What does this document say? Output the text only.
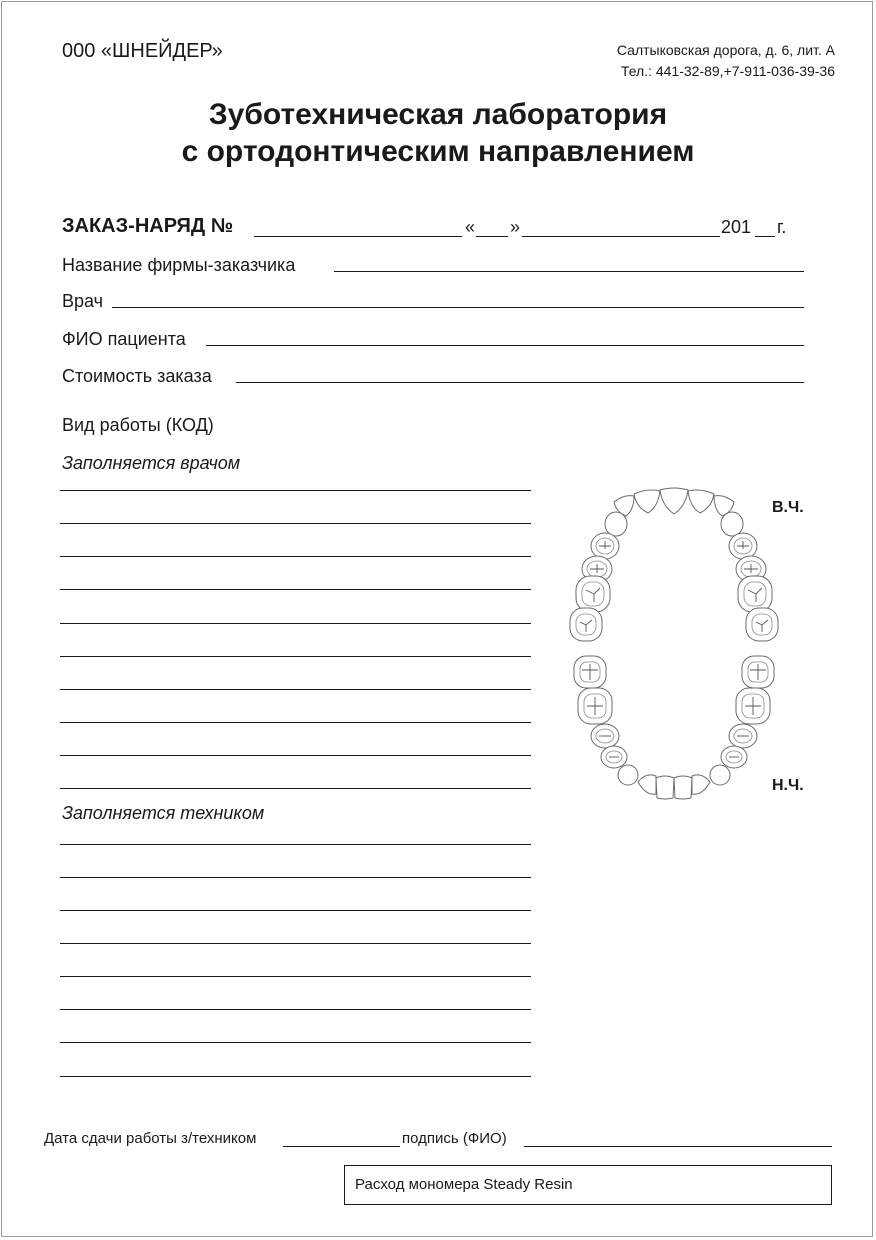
000 «ШНЕЙДЕР»	Салтыковская дорога, д. 6, лит. А
Тел.: 441-32-89,+7-911-036-39-36
Зуботехническая лаборатория
с ортодонтическим направлением
ЗАКАЗ-НАРЯД №	« »	201 г.
Название фирмы-заказчика
Врач
ФИО пациента
Стоимость заказа
Вид работы (КОД)
Заполняется врачом
Заполняется техником
В.Ч.
Н.Ч.
Дата сдачи работы з/техником	подпись (ФИО)
Расход мономера Steady Resin
